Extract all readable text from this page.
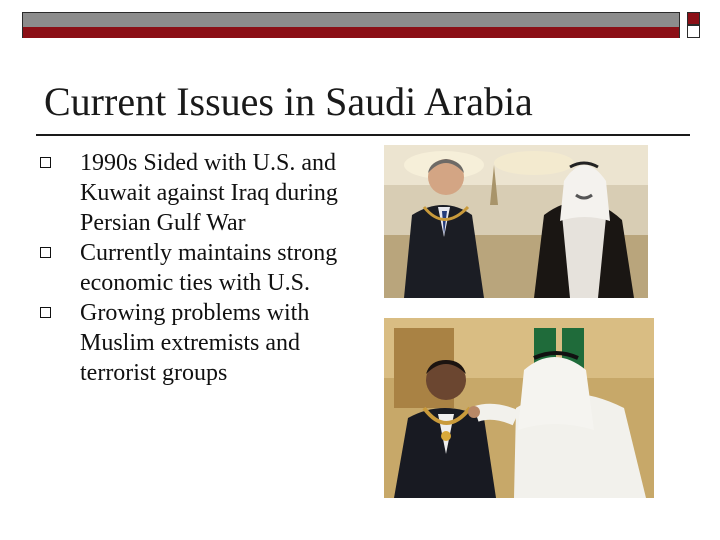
Current Issues in Saudi Arabia
1990s Sided with U.S. and Kuwait against Iraq during Persian Gulf War
Currently maintains strong economic ties with U.S.
Growing problems with Muslim extremists and terrorist groups
